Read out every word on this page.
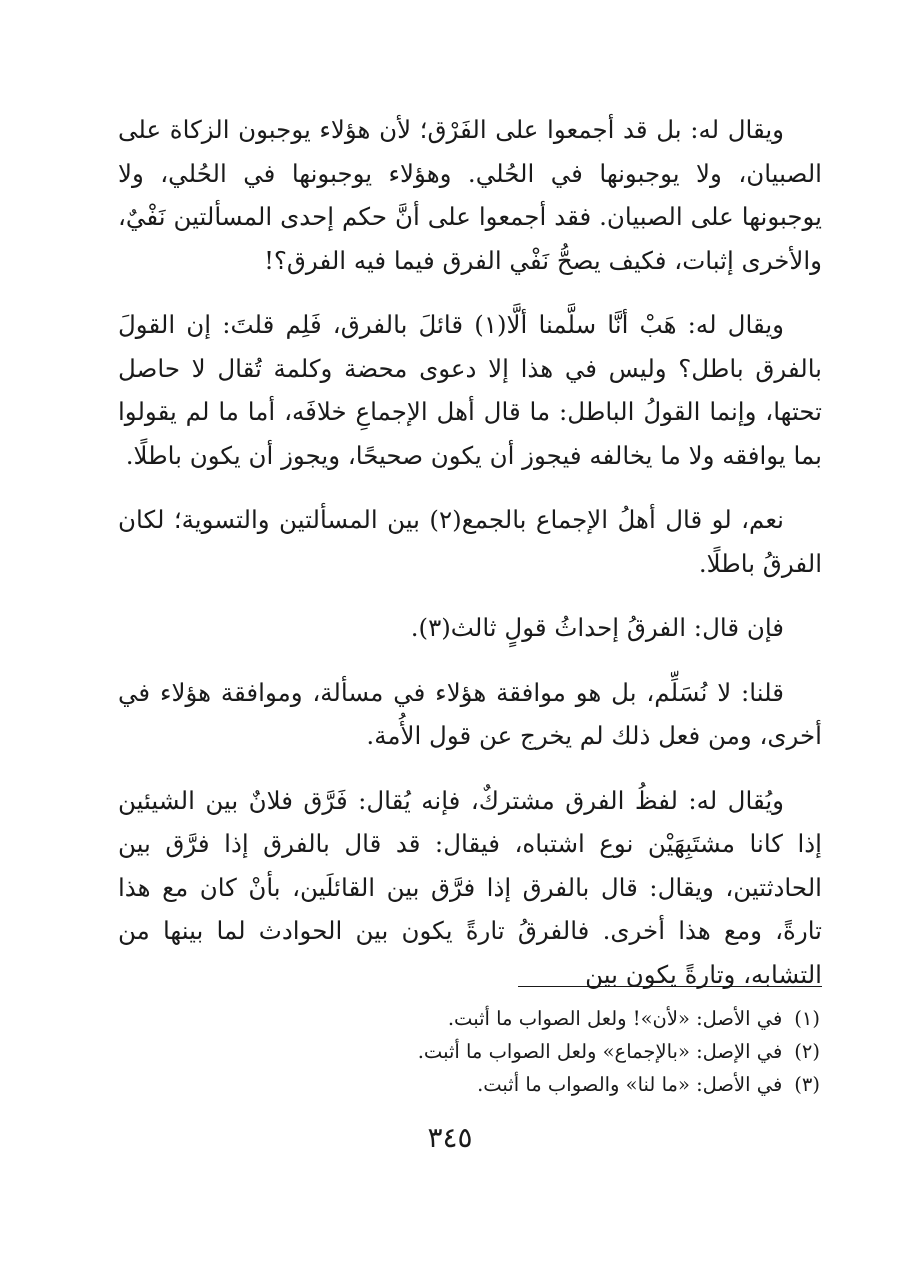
ويقال له: بل قد أجمعوا على الفَرْق؛ لأن هؤلاء يوجبون الزكاة على الصبيان، ولا يوجبونها في الحُلي. وهؤلاء يوجبونها في الحُلي، ولا يوجبونها على الصبيان. فقد أجمعوا على أنَّ حكم إحدى المسألتين نَفْيٌ، والأخرى إثبات، فكيف يصحُّ نَفْي الفرق فيما فيه الفرق؟!

ويقال له: هَبْ أنَّا سلَّمنا ألَّا(١) قائلَ بالفرق، فَلِم قلتَ: إن القولَ بالفرق باطل؟ وليس في هذا إلا دعوى محضة وكلمة تُقال لا حاصل تحتها، وإنما القولُ الباطل: ما قال أهل الإجماعِ خلافَه، أما ما لم يقولوا بما يوافقه ولا ما يخالفه فيجوز أن يكون صحيحًا، ويجوز أن يكون باطلًا.

نعم، لو قال أهلُ الإجماع بالجمع(٢) بين المسألتين والتسوية؛ لكان الفرقُ باطلًا.

فإن قال: الفرقُ إحداثُ قولٍ ثالث(٣).

قلنا: لا نُسَلِّم، بل هو موافقة هؤلاء في مسألة، وموافقة هؤلاء في أخرى، ومن فعل ذلك لم يخرج عن قول الأُمة.

ويُقال له: لفظُ الفرق مشتركٌ، فإنه يُقال: فَرَّق فلانٌ بين الشيئين إذا كانا مشتَبِهَيْن نوع اشتباه، فيقال: قد قال بالفرق إذا فرَّق بين الحادثتين، ويقال: قال بالفرق إذا فرَّق بين القائلَين، بأنْ كان مع هذا تارةً، ومع هذا أخرى. فالفرقُ تارةً يكون بين الحوادث لما بينها من التشابه، وتارةً يكون بين

(١)
في الأصل: «لأن»! ولعل الصواب ما أثبت.
(٢)
في الإصل: «بالإجماع» ولعل الصواب ما أثبت.
(٣)
في الأصل: «ما لنا» والصواب ما أثبت.
٣٤٥
